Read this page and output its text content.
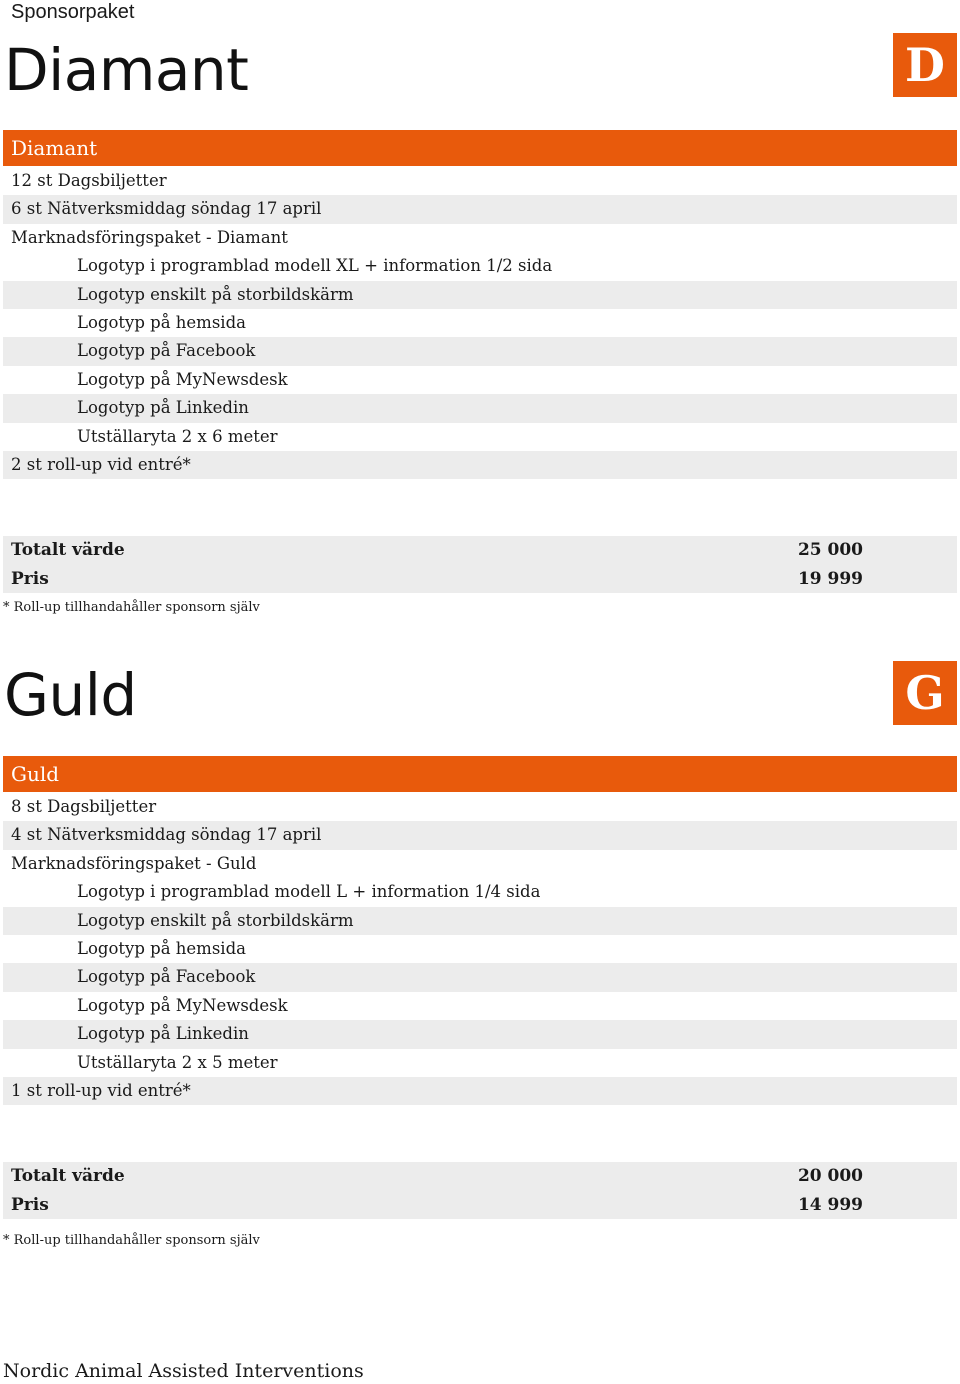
Sponsorpaket
Diamant	D
Diamant
12 st Dagsbiljetter
6 st Nätverksmiddag söndag 17 april
Marknadsföringspaket - Diamant
Logotyp i programblad modell XL + information 1/2 sida
Logotyp enskilt på storbildskärm
Logotyp på hemsida
Logotyp på Facebook
Logotyp på MyNewsdesk
Logotyp på Linkedin
Utställaryta 2 x 6 meter
2 st roll-up vid entré*
Totalt värde	25 000
Pris	19 999
* Roll-up tillhandahåller sponsorn själv
Guld	G
Guld
8 st Dagsbiljetter
4 st Nätverksmiddag söndag 17 april
Marknadsföringspaket - Guld
Logotyp i programblad modell L + information 1/4 sida
Logotyp enskilt på storbildskärm
Logotyp på hemsida
Logotyp på Facebook
Logotyp på MyNewsdesk
Logotyp på Linkedin
Utställaryta 2 x 5 meter
1 st roll-up vid entré*
Totalt värde	20 000
Pris	14 999
* Roll-up tillhandahåller sponsorn själv
Nordic Animal Assisted Interventions
